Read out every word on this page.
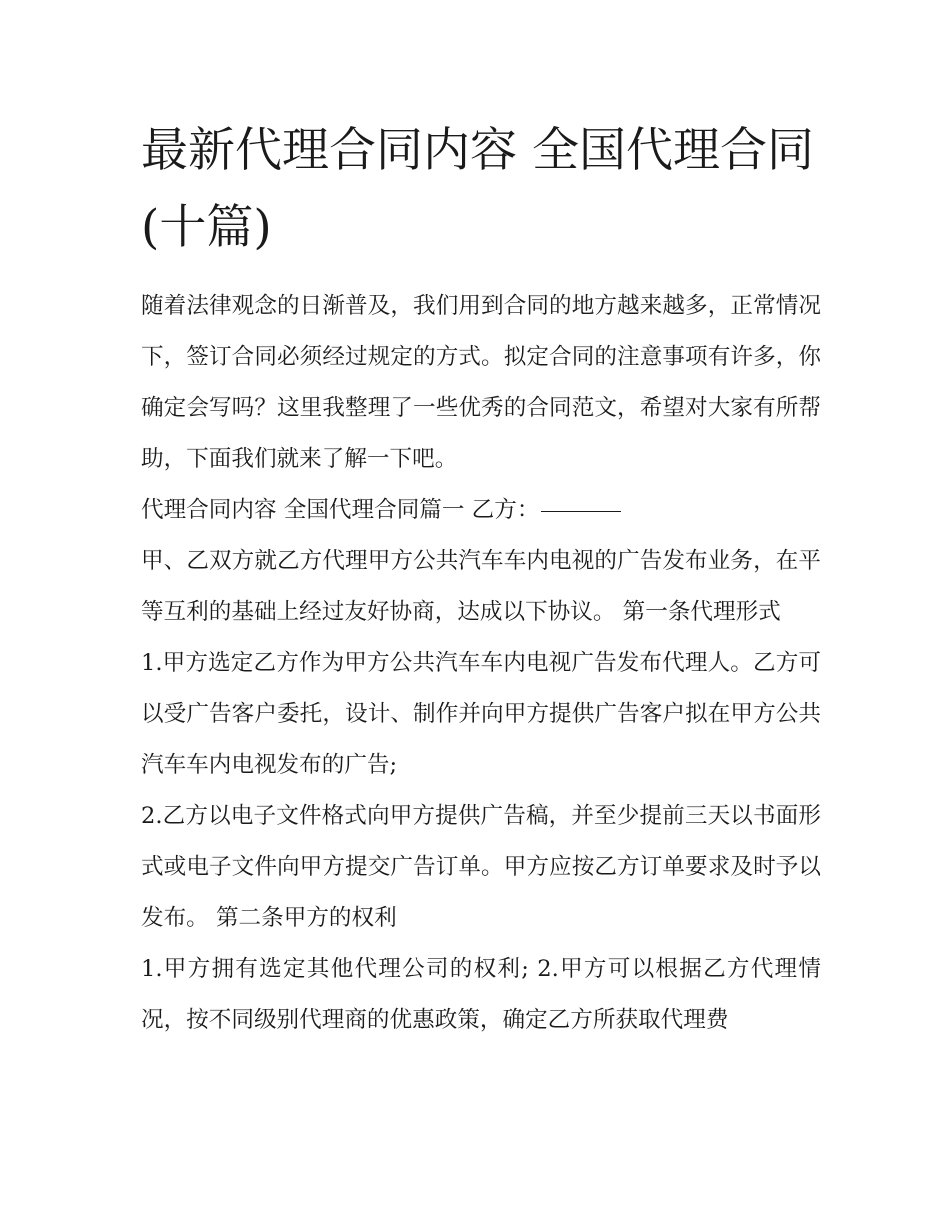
最新代理合同内容 全国代理合同(十篇)

随着法律观念的日渐普及，我们用到合同的地方越来越多，正常情况下，签订合同必须经过规定的方式。拟定合同的注意事项有许多，你确定会写吗？这里我整理了一些优秀的合同范文，希望对大家有所帮助，下面我们就来了解一下吧。

代理合同内容 全国代理合同篇一 乙方：

甲、乙双方就乙方代理甲方公共汽车车内电视的广告发布业务，在平等互利的基础上经过友好协商，达成以下协议。 第一条代理形式

1.甲方选定乙方作为甲方公共汽车车内电视广告发布代理人。乙方可以受广告客户委托，设计、制作并向甲方提供广告客户拟在甲方公共汽车车内电视发布的广告;

2.乙方以电子文件格式向甲方提供广告稿，并至少提前三天以书面形式或电子文件向甲方提交广告订单。甲方应按乙方订单要求及时予以发布。 第二条甲方的权利

1.甲方拥有选定其他代理公司的权利; 2.甲方可以根据乙方代理情况，按不同级别代理商的优惠政策，确定乙方所获取代理费
